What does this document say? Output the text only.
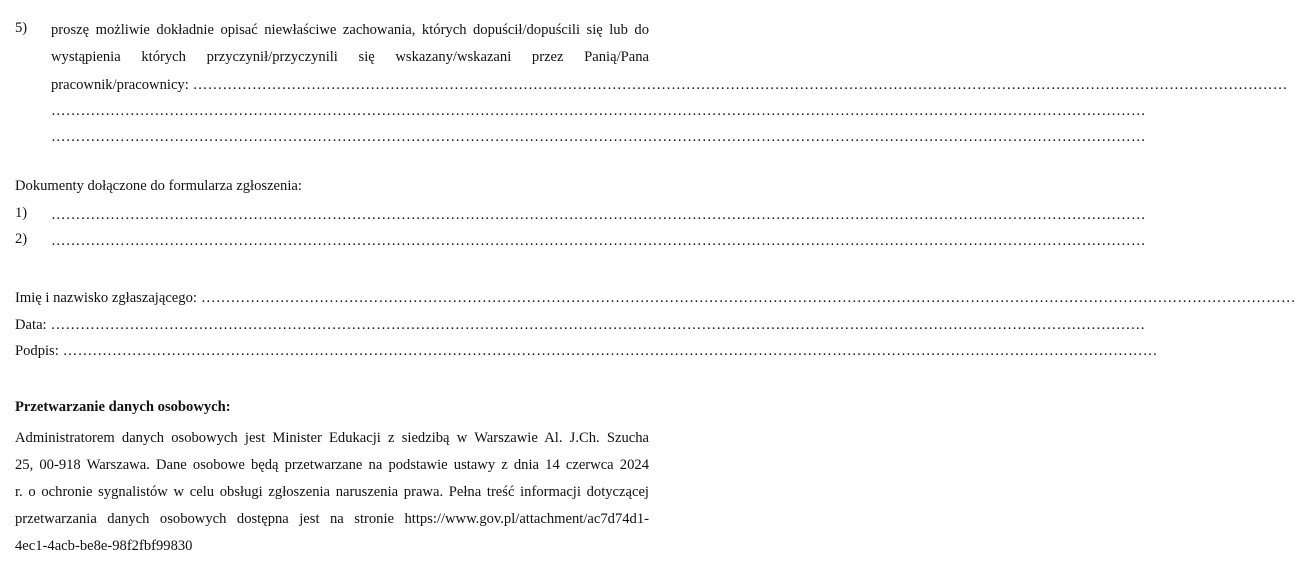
5) proszę możliwie dokładnie opisać niewłaściwe zachowania, których dopuścił/dopuścili się lub do
wystąpienia których przyczynił/przyczynili się wskazany/wskazani przez Panią/Pana
pracownik/pracownicy: ……………………………………………………………………………………………………………………………………………………………………………………………………
……………………………………………………………………………………………………………………………………………………………………………………………………
……………………………………………………………………………………………………………………………………………………………………………………………………
Dokumenty dołączone do formularza zgłoszenia:
1) ……………………………………………………………………………………………………………………………………………………………………………………………………
2) ……………………………………………………………………………………………………………………………………………………………………………………………………
Imię i nazwisko zgłaszającego: ……………………………………………………………………………………………………………………………………………………………………………………………………
Data: ……………………………………………………………………………………………………………………………………………………………………………………………………
Podpis: ……………………………………………………………………………………………………………………………………………………………………………………………………
Przetwarzanie danych osobowych:
Administratorem danych osobowych jest Minister Edukacji z siedzibą w Warszawie Al. J.Ch. Szucha
25, 00-918 Warszawa. Dane osobowe będą przetwarzane na podstawie ustawy z dnia 14 czerwca 2024
r. o ochronie sygnalistów w celu obsługi zgłoszenia naruszenia prawa. Pełna treść informacji dotyczącej
przetwarzania danych osobowych dostępna jest na stronie https://www.gov.pl/attachment/ac7d74d1-
4ec1-4acb-be8e-98f2fbf99830
